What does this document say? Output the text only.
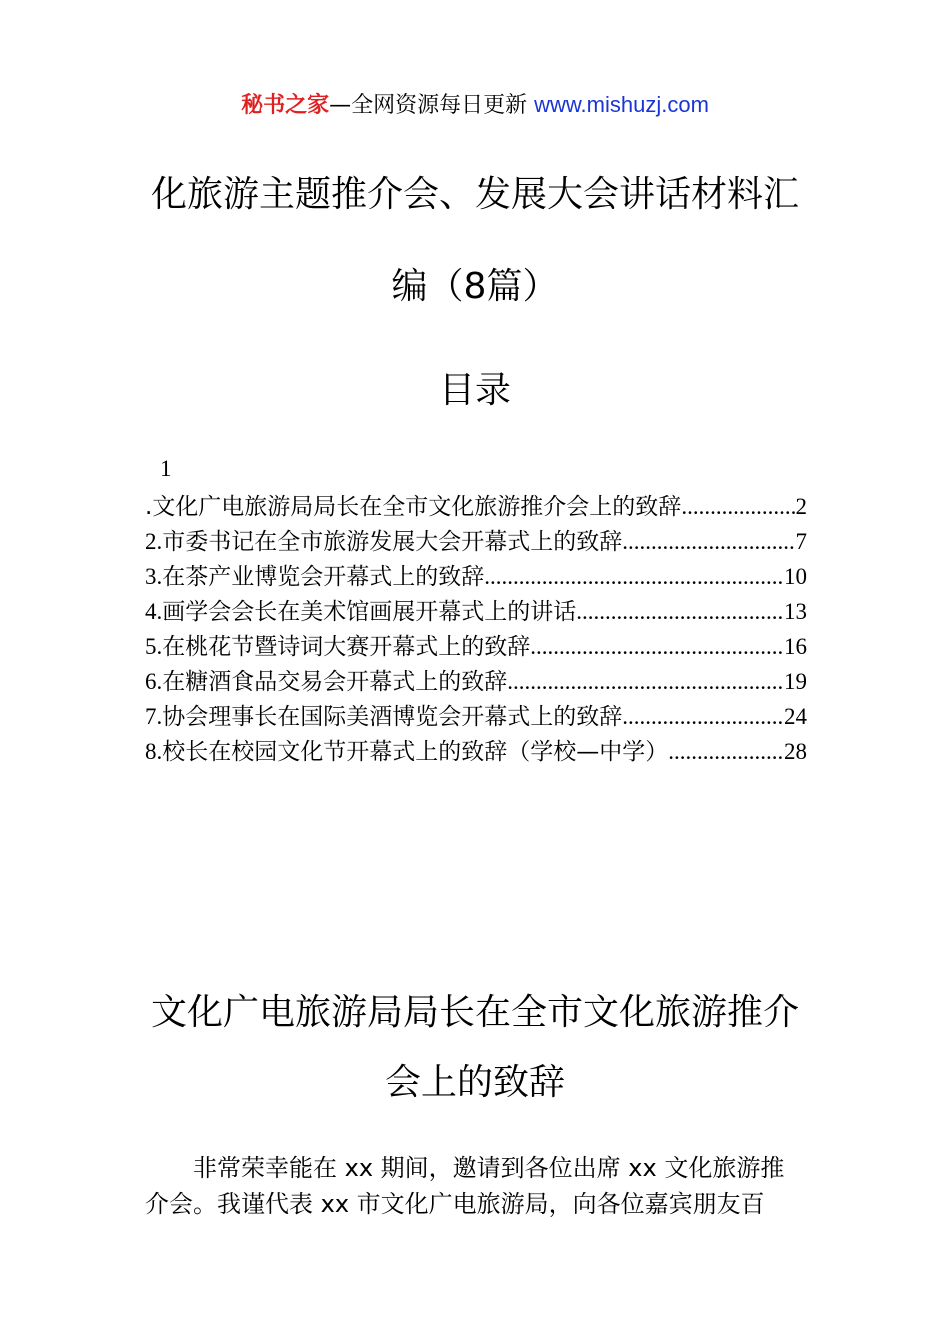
秘书之家—全网资源每日更新 www.mishuzj.com
化旅游主题推介会、发展大会讲话材料汇
编（8篇）
目录
1
.文化广电旅游局局长在全市文化旅游推介会上的致辞 .....	2
2.市委书记在全市旅游发展大会开幕式上的致辞 .....	7
3.在茶产业博览会开幕式上的致辞 .....	10
4.画学会会长在美术馆画展开幕式上的讲话 .....	13
5.在桃花节暨诗词大赛开幕式上的致辞 .....	16
6.在糖酒食品交易会开幕式上的致辞 .....	19
7.协会理事长在国际美酒博览会开幕式上的致辞 .....	24
8.校长在校园文化节开幕式上的致辞（学校—中学） .....	28
文化广电旅游局局长在全市文化旅游推介
会上的致辞
非常荣幸能在 xx 期间，邀请到各位出席 xx 文化旅游推
介会。我谨代表 xx 市文化广电旅游局，向各位嘉宾朋友百
